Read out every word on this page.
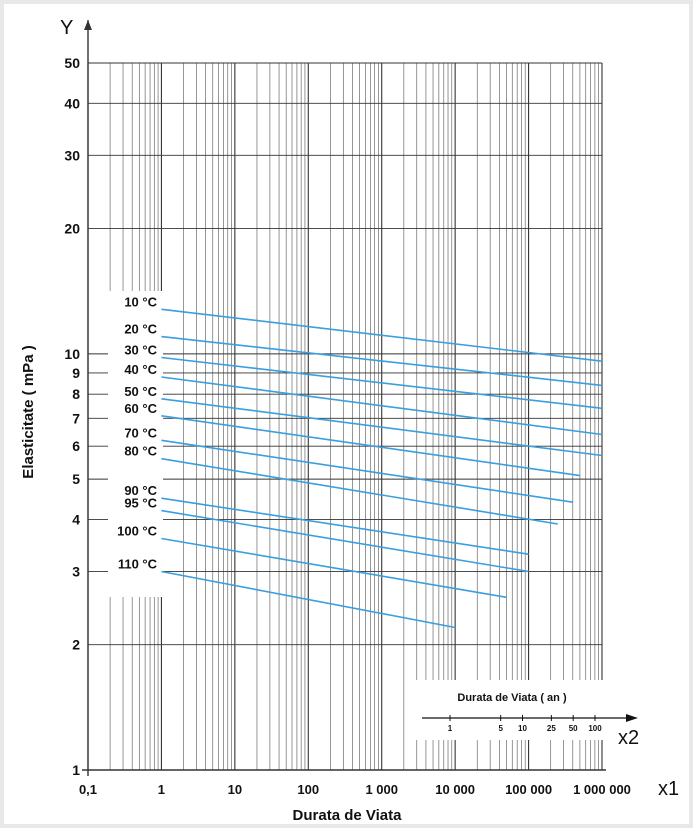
1
2
3
4
5
6
7
8
9
10
20
30
40
50
0,1	1	10	100	1 000	10 000 100 000 1 000 000
10 °C
20 °C
30 °C
40 °C
50 °C
60 °C
70 °C
80 °C
90 °C
95 °C
100 °C
110 °C
Durata de Viata ( an )
1	5 10 25 50 100 x2
Y
x1
Durata de Viata
Elasticitate ( mPa )
